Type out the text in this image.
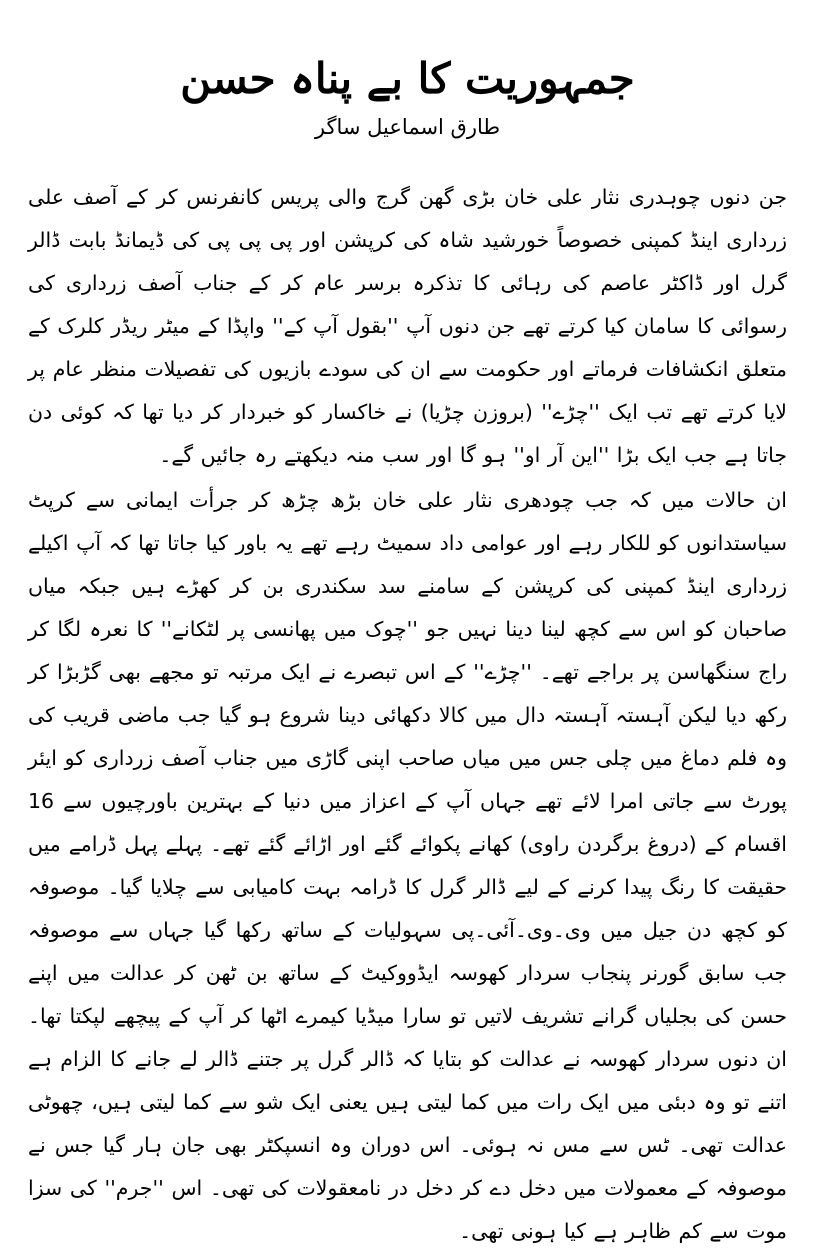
جمہوریت کا بے پناہ حسن
طارق اسماعیل ساگر

جن دنوں چوہدری نثار علی خان بڑی گھن گرج والی پریس کانفرنس کر کے آصف علی زرداری اینڈ کمپنی خصوصاً خورشید شاہ کی کرپشن اور پی پی پی کی ڈیمانڈ بابت ڈالر گرل اور ڈاکٹر عاصم کی رہائی کا تذکرہ برسر عام کر کے جناب آصف زرداری کی رسوائی کا سامان کیا کرتے تھے جن دنوں آپ ''بقول آپ کے'' واپڈا کے میٹر ریڈر کلرک کے متعلق انکشافات فرماتے اور حکومت سے ان کی سودے بازیوں کی تفصیلات منظر عام پر لایا کرتے تھے تب ایک ''چڑے'' (بروزن چڑیا) نے خاکسار کو خبردار کر دیا تھا کہ کوئی دن جاتا ہے جب ایک بڑا ''این آر او'' ہو گا اور سب منہ دیکھتے رہ جائیں گے۔

ان حالات میں کہ جب چودھری نثار علی خان بڑھ چڑھ کر جرأت ایمانی سے کرپٹ سیاستدانوں کو للکار رہے اور عوامی داد سمیٹ رہے تھے یہ باور کیا جاتا تھا کہ آپ اکیلے زرداری اینڈ کمپنی کی کرپشن کے سامنے سد سکندری بن کر کھڑے ہیں جبکہ میاں صاحبان کو اس سے کچھ لینا دینا نہیں جو ''چوک میں پھانسی پر لٹکانے'' کا نعرہ لگا کر راج سنگھاسن پر براجے تھے۔ ''چڑے'' کے اس تبصرے نے ایک مرتبہ تو مجھے بھی گڑبڑا کر رکھ دیا لیکن آہستہ آہستہ دال میں کالا دکھائی دینا شروع ہو گیا جب ماضی قریب کی وہ فلم دماغ میں چلی جس میں میاں صاحب اپنی گاڑی میں جناب آصف زرداری کو ایئر پورٹ سے جاتی امرا لائے تھے جہاں آپ کے اعزاز میں دنیا کے بہترین باورچیوں سے 16 اقسام کے (دروغ برگردن راوی) کھانے پکوائے گئے اور اڑائے گئے تھے۔ پہلے پہل ڈرامے میں حقیقت کا رنگ پیدا کرنے کے لیے ڈالر گرل کا ڈرامہ بہت کامیابی سے چلایا گیا۔ موصوفہ کو کچھ دن جیل میں وی۔وی۔آئی۔پی سہولیات کے ساتھ رکھا گیا جہاں سے موصوفہ جب سابق گورنر پنجاب سردار کھوسہ ایڈووکیٹ کے ساتھ بن ٹھن کر عدالت میں اپنے حسن کی بجلیاں گرانے تشریف لاتیں تو سارا میڈیا کیمرے اٹھا کر آپ کے پیچھے لپکتا تھا۔ ان دنوں سردار کھوسہ نے عدالت کو بتایا کہ ڈالر گرل پر جتنے ڈالر لے جانے کا الزام ہے اتنے تو وہ دبئی میں ایک رات میں کما لیتی ہیں یعنی ایک شو سے کما لیتی ہیں، چھوٹی عدالت تھی۔ ٹس سے مس نہ ہوئی۔ اس دوران وہ انسپکٹر بھی جان ہار گیا جس نے موصوفہ کے معمولات میں دخل دے کر دخل در نامعقولات کی تھی۔ اس ''جرم'' کی سزا موت سے کم ظاہر ہے کیا ہونی تھی۔
